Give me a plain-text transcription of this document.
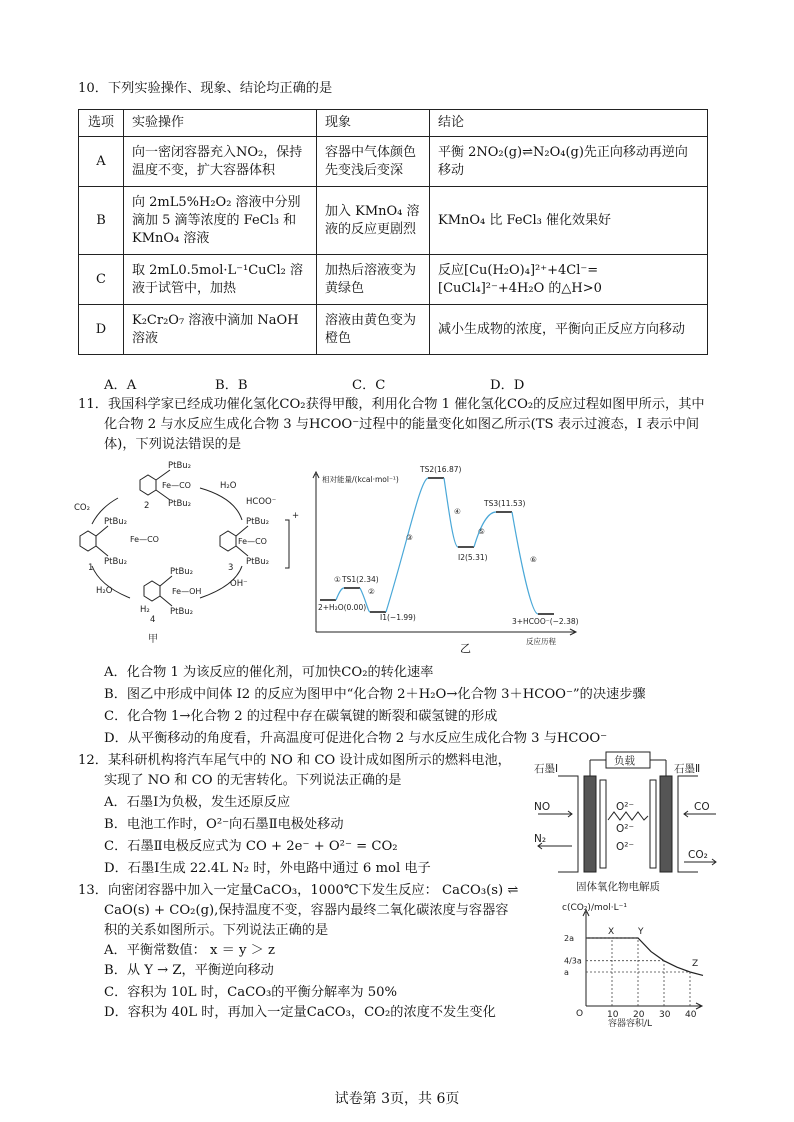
10．下列实验操作、现象、结论均正确的是
选项	实验操作	现象	结论
A	向一密闭容器充入NO₂，保持温度不变，扩大容器体积	容器中气体颜色先变浅后变深	平衡 2NO₂(g)⇌N₂O₄(g)先正向移动再逆向移动
B	向 2mL5%H₂O₂ 溶液中分别滴加 5 滴等浓度的 FeCl₃ 和 KMnO₄ 溶液	加入 KMnO₄ 溶液的反应更剧烈	KMnO₄ 比 FeCl₃ 催化效果好
C	取 2mL0.5mol·L⁻¹CuCl₂ 溶液于试管中，加热	加热后溶液变为黄绿色	反应[Cu(H₂O)₄]²⁺+4Cl⁻=[CuCl₄]²⁻+4H₂O 的△H>0
D	K₂Cr₂O₇ 溶液中滴加 NaOH 溶液	溶液由黄色变为橙色	减小生成物的浓度，平衡向正反应方向移动
A．A	B．B	C．C	D．D
11．我国科学家已经成功催化氢化CO₂获得甲酸，利用化合物 1 催化氢化CO₂的反应过程如图甲所示，其中
化合物 2 与水反应生成化合物 3 与HCOO⁻过程中的能量变化如图乙所示(TS 表示过渡态，I 表示中间
体)，下列说法错误的是
PtBu₂
PtBu₂
PtBu₂
PtBu₂
PtBu₂
PtBu₂
PtBu₂
PtBu₂
CO₂
H₂O
HCOO⁻
H₂O
H₂
OH⁻
1
2
3
4
+
Fe—CO
Fe—CO
Fe—CO
Fe—OH
甲
相对能量/(kcal·mol⁻¹)
反应历程
2+H₂O(0.00)
TS1(2.34)
I1(−1.99)
TS2(16.87)
I2(5.31)
TS3(11.53)
3+HCOO⁻(−2.38)
①
②
③
④
⑤
⑥
乙
A．化合物 1 为该反应的催化剂，可加快CO₂的转化速率
B．图乙中形成中间体 I2 的反应为图甲中“化合物 2＋H₂O→化合物 3＋HCOO⁻”的决速步骤
C．化合物 1→化合物 2 的过程中存在碳氧键的断裂和碳氢键的形成
D．从平衡移动的角度看，升高温度可促进化合物 2 与水反应生成化合物 3 与HCOO⁻
12．某科研机构将汽车尾气中的 NO 和 CO 设计成如图所示的燃料电池，
实现了 NO 和 CO 的无害转化。下列说法正确的是
A．石墨Ⅰ为负极，发生还原反应
B．电池工作时，O²⁻向石墨Ⅱ电极处移动
C．石墨Ⅱ电极反应式为 CO + 2e⁻ + O²⁻ = CO₂
D．石墨Ⅰ生成 22.4L N₂ 时，外电路中通过 6 mol 电子
负载
石墨Ⅰ	石墨Ⅱ
NO
N₂
CO
CO₂
O²⁻
O²⁻
O²⁻
固体氧化物电解质
13．向密闭容器中加入一定量CaCO₃，1000℃下发生反应： CaCO₃(s) ⇌
CaO(s) + CO₂(g),保持温度不变，容器内最终二氧化碳浓度与容器容
积的关系如图所示。下列说法正确的是
A．平衡常数值： x ＝ y ＞ z
B．从 Y → Z，平衡逆向移动
C．容积为 10L 时，CaCO₃的平衡分解率为 50%
D．容积为 40L 时，再加入一定量CaCO₃，CO₂的浓度不发生变化	10 20 30 40
2a
4/3a
a
X	Y
Z
c(CO₂)/mol·L⁻¹
容器容积/L
O
试卷第 3页，共 6页
